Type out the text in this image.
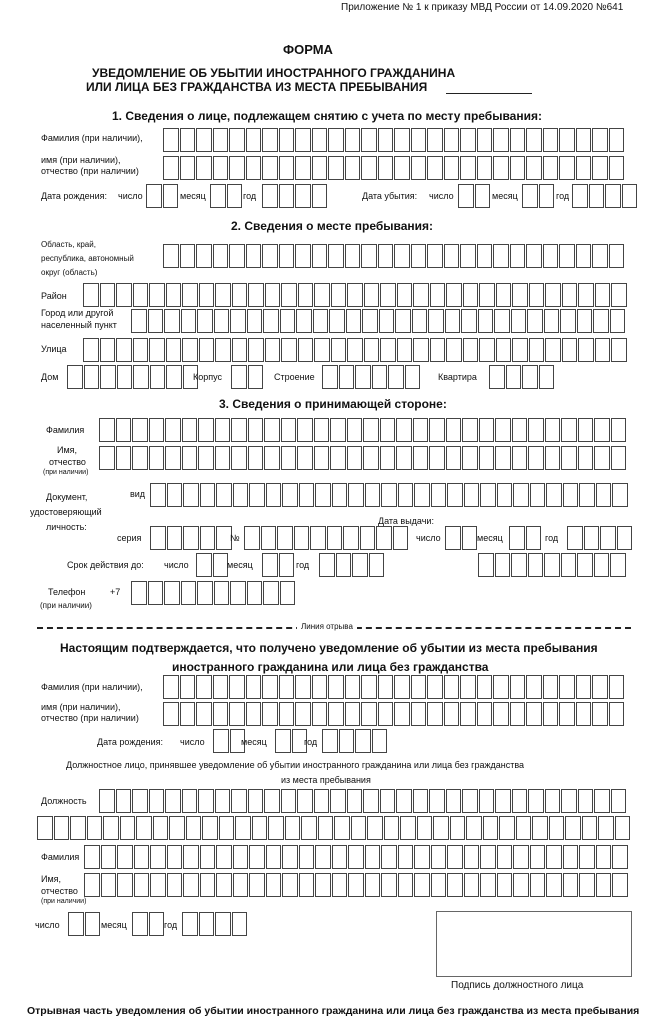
Приложение № 1 к приказу МВД России от 14.09.2020 №641
ФОРМА
УВЕДОМЛЕНИЕ ОБ УБЫТИИ ИНОСТРАННОГО ГРАЖДАНИНА
ИЛИ ЛИЦА БЕЗ ГРАЖДАНСТВА ИЗ МЕСТА ПРЕБЫВАНИЯ
1. Сведения о лице, подлежащем снятию с учета по месту пребывания:
Фамилия (при наличии),
имя (при наличии),
отчество (при наличии)
Дата рождения: число	месяц	год	Дата убытия: число	месяц	год
2. Сведения о месте пребывания:
Область, край,
республика, автономный
округ (область)
Район
Город или другой
населенный пункт
Улица
Дом	Корпус	Строение	Квартира
3. Сведения о принимающей стороне:
Фамилия
Имя,
отчество
(при наличии)
Документ,
удостоверяющий
личность:
вид
Дата выдачи:
серия	№	число	месяц	год
Срок действия до: число	месяц	год
Телефон	+7
(при наличии)
Линия отрыва
Настоящим подтверждается, что получено уведомление об убытии из места пребывания
иностранного гражданина или лица без гражданства
Фамилия (при наличии),
имя (при наличии),
отчество (при наличии)
Дата рождения: число	месяц	год
Должностное лицо, принявшее уведомление об убытии иностранного гражданина или лица без гражданства
из места пребывания
Должность
Фамилия
Имя,
отчество
(при наличии)
число	месяц	год
Подпись должностного лица
Отрывная часть уведомления об убытии иностранного гражданина или лица без гражданства из места пребывания
